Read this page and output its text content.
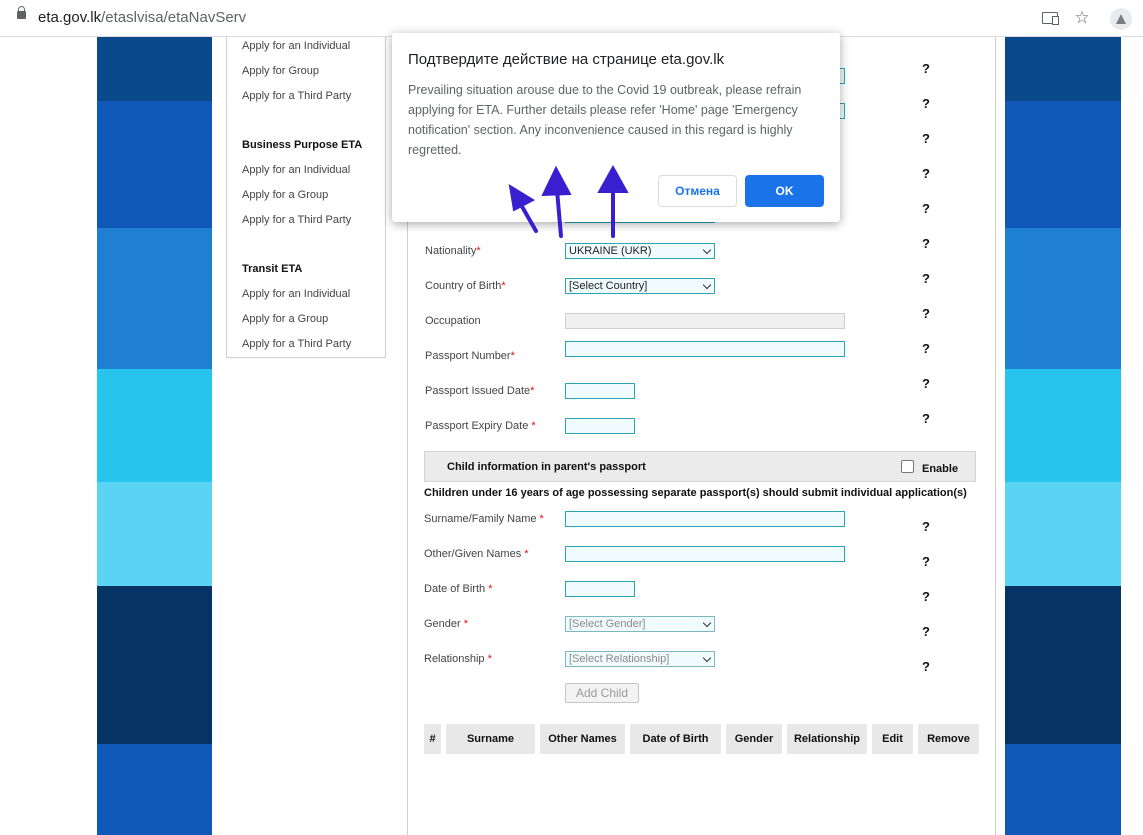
eta.gov.lk/etaslvisa/etaNavServ	☆
Apply for an Individual
Apply for Group
Apply for a Third Party
Business Purpose ETA
Apply for an Individual
Apply for a Group
Apply for a Third Party
Transit ETA
Apply for an Individual
Apply for a Group
Apply for a Third Party
Nationality*	UKRAINE (UKR)
Country of Birth*	[Select Country]
Occupation
Passport Number*
Passport Issued Date*
Passport Expiry Date *
?
?
?
?
?
?
?
?
?
?
?
Child information in parent's passport	Enable
Children under 16 years of age possessing separate passport(s) should submit individual application(s)
Surname/Family Name *
Other/Given Names *
Date of Birth *
Gender *	[Select Gender]
Relationship *	[Select Relationship]
?
?
?
?
?
Add Child
#	Surname	Other Names	Date of Birth	Gender	Relationship	Edit	Remove
Подтвердите действие на странице eta.gov.lk
Prevailing situation arouse due to the Covid 19 outbreak, please refrain applying for ETA. Further details please refer 'Home' page 'Emergency notification' section. Any inconvenience caused in this regard is highly regretted.
Отмена	OK
